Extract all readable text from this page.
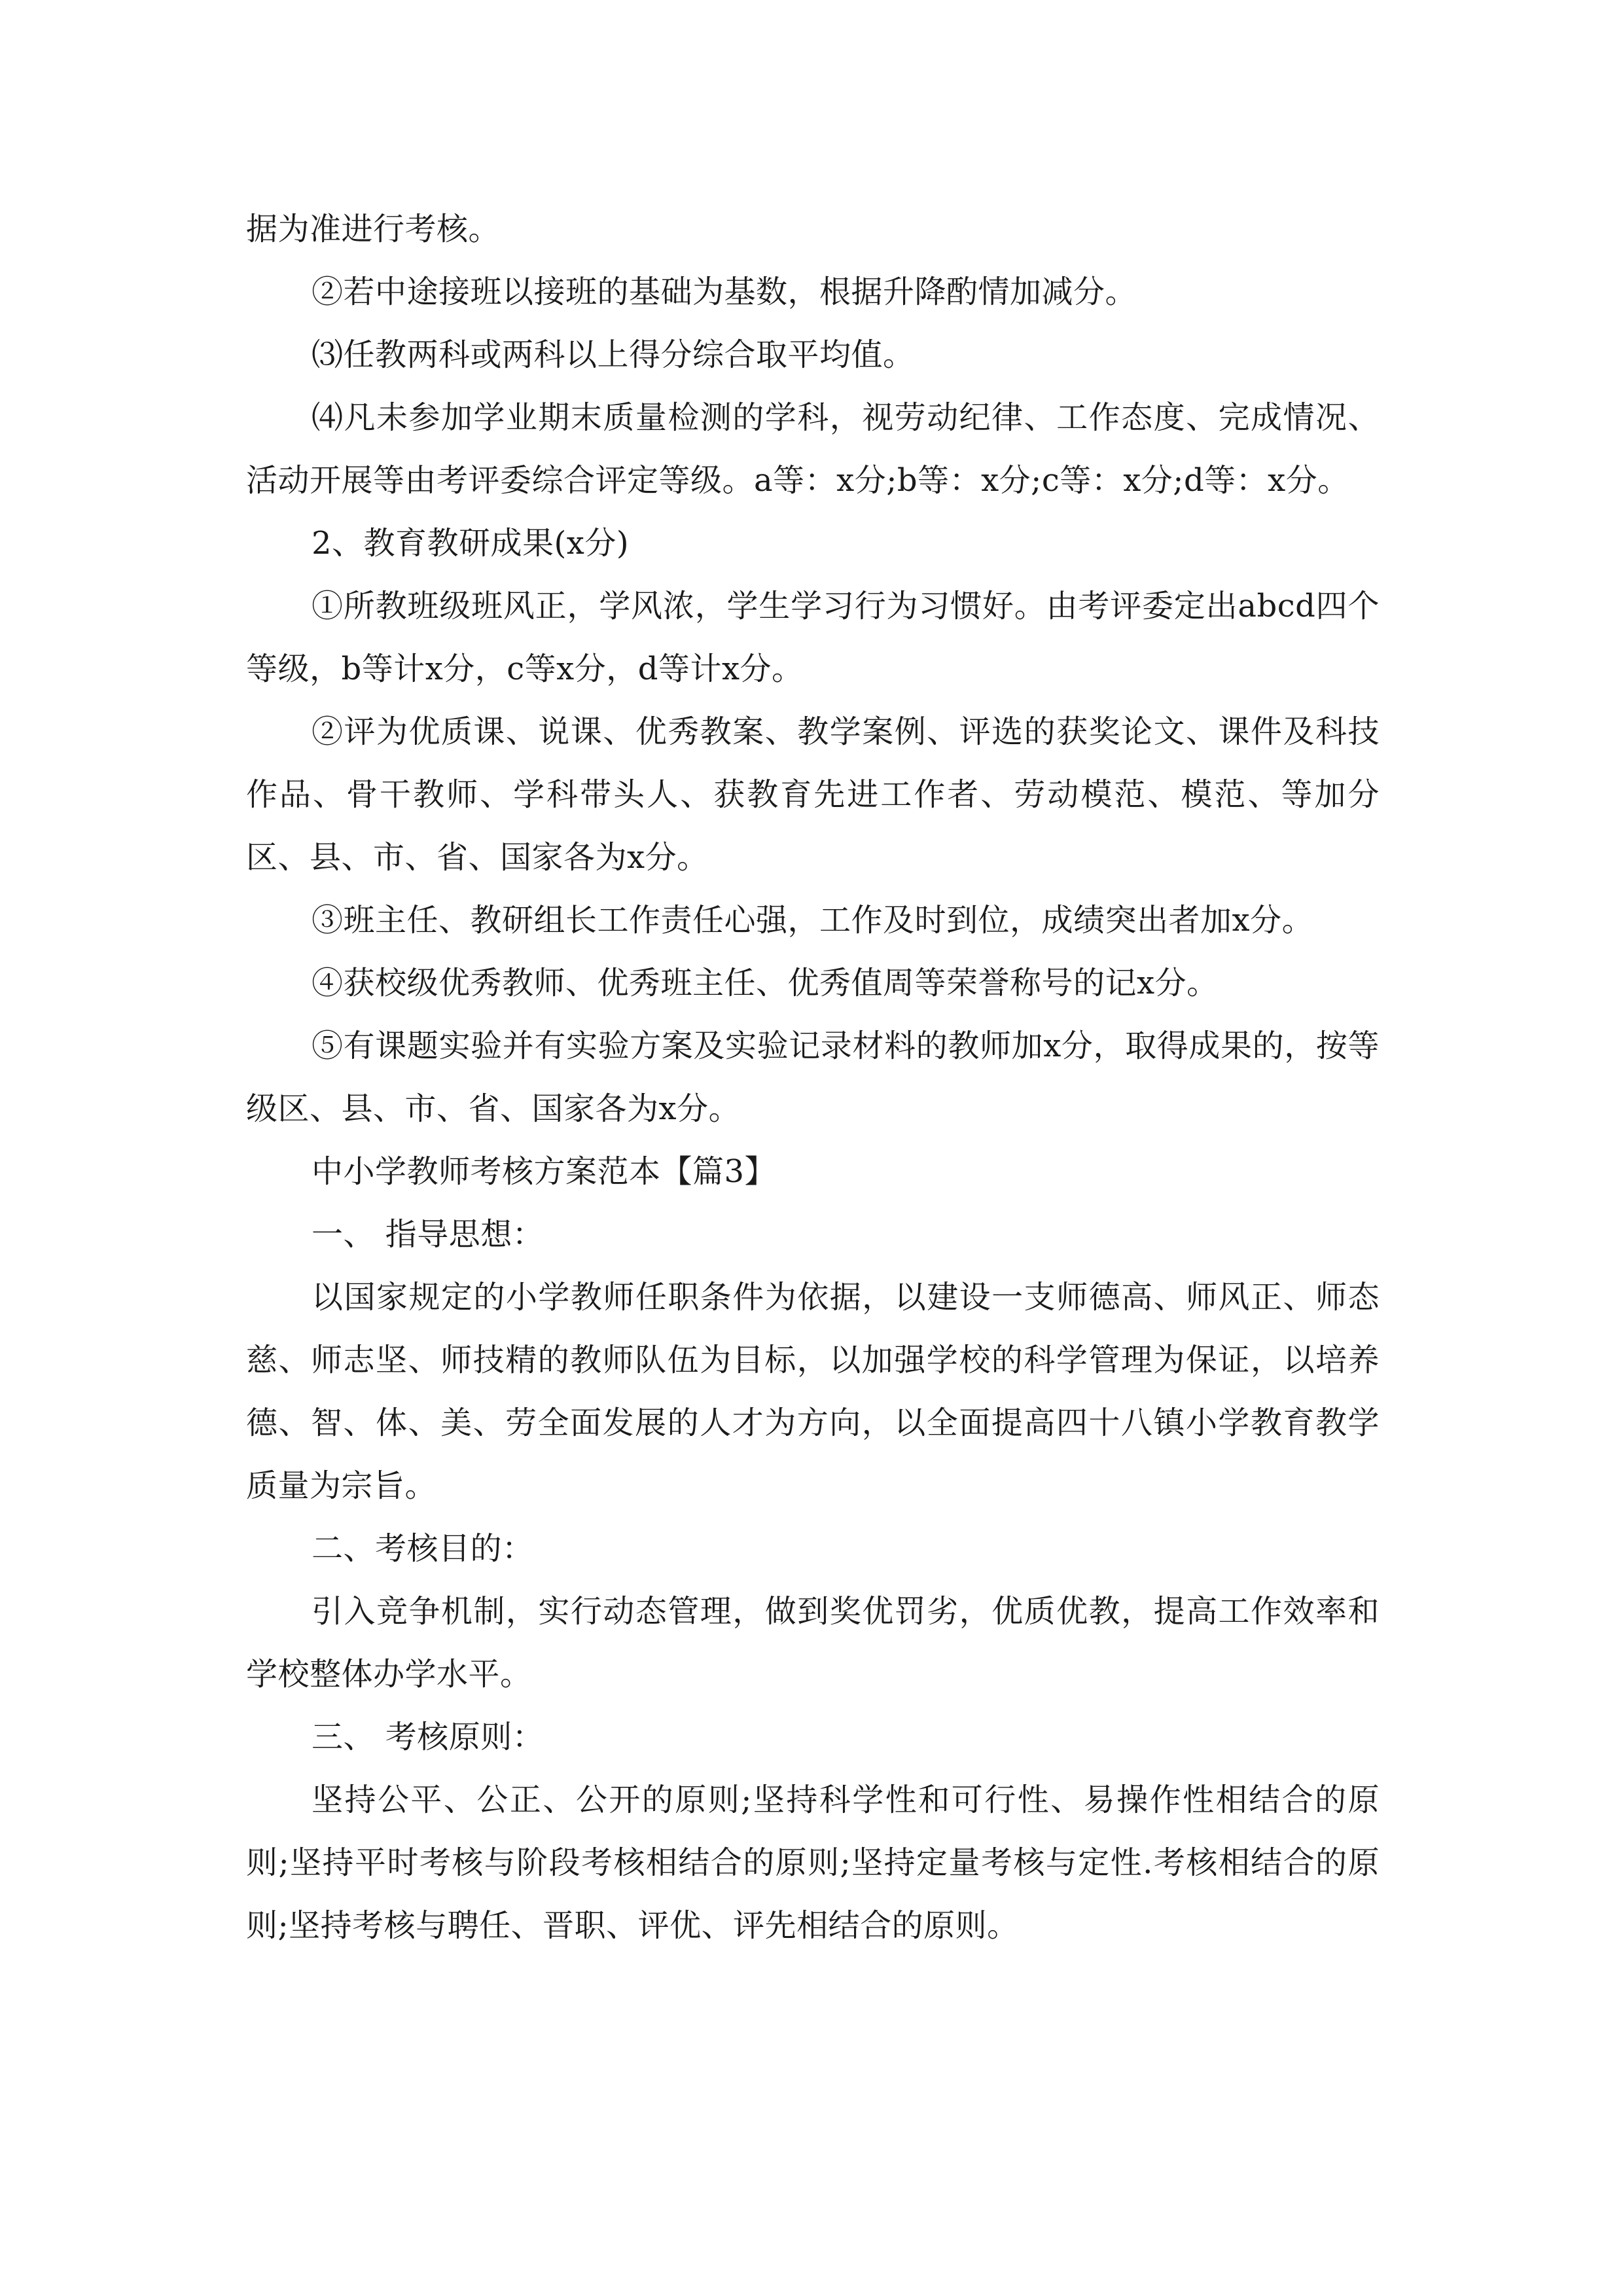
据为准进行考核。

②若中途接班以接班的基础为基数，根据升降酌情加减分。

⑶任教两科或两科以上得分综合取平均值。

⑷凡未参加学业期末质量检测的学科，视劳动纪律、工作态度、完成情况、活动开展等由考评委综合评定等级。a等：x分;b等：x分;c等：x分;d等：x分。

2、教育教研成果(x分)

①所教班级班风正，学风浓，学生学习行为习惯好。由考评委定出abcd四个等级，b等计x分，c等x分，d等计x分。

②评为优质课、说课、优秀教案、教学案例、评选的获奖论文、课件及科技作品、骨干教师、学科带头人、获教育先进工作者、劳动模范、模范、等加分区、县、市、省、国家各为x分。

③班主任、教研组长工作责任心强，工作及时到位，成绩突出者加x分。

④获校级优秀教师、优秀班主任、优秀值周等荣誉称号的记x分。

⑤有课题实验并有实验方案及实验记录材料的教师加x分，取得成果的，按等级区、县、市、省、国家各为x分。

中小学教师考核方案范本【篇3】

一、 指导思想：

以国家规定的小学教师任职条件为依据，以建设一支师德高、师风正、师态慈、师志坚、师技精的教师队伍为目标，以加强学校的科学管理为保证，以培养德、智、体、美、劳全面发展的人才为方向，以全面提高四十八镇小学教育教学质量为宗旨。

二、考核目的：

引入竞争机制，实行动态管理，做到奖优罚劣，优质优教，提高工作效率和学校整体办学水平。

三、 考核原则：

坚持公平、公正、公开的原则;坚持科学性和可行性、易操作性相结合的原则;坚持平时考核与阶段考核相结合的原则;坚持定量考核与定性.考核相结合的原则;坚持考核与聘任、晋职、评优、评先相结合的原则。
